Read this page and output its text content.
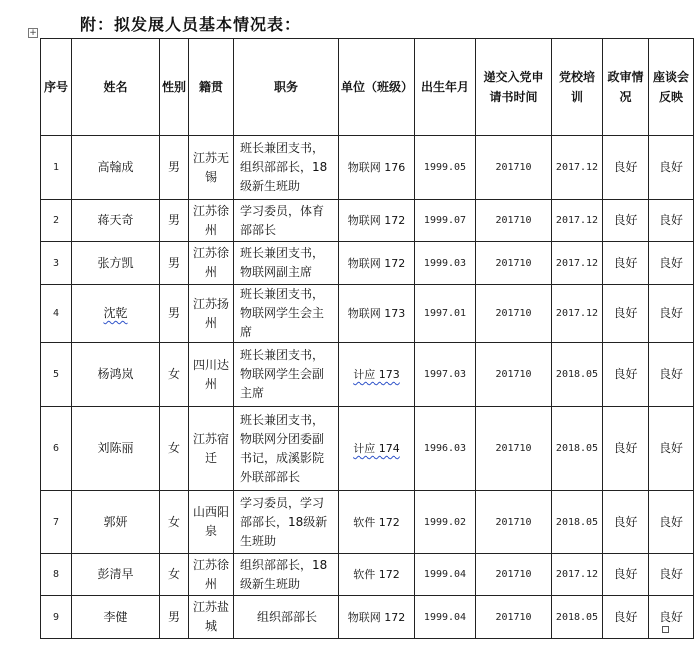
+	附：拟发展人员基本情况表：
序号	姓名	性别	籍贯	职务	单位（班级）	出生年月	递交入党申请书时间	党校培训	政审情况	座谈会反映
1	高翰成	男	江苏无锡	班长兼团支书，组织部部长，18级新生班助	物联网 176	1999.05	201710	2017.12	良好	良好
2	蒋天奇	男	江苏徐州	学习委员，体育部部长	物联网 172	1999.07	201710	2017.12	良好	良好
3	张方凯	男	江苏徐州	班长兼团支书，物联网副主席	物联网 172	1999.03	201710	2017.12	良好	良好
4	沈乾	男	江苏扬州	班长兼团支书，物联网学生会主席	物联网 173	1997.01	201710	2017.12	良好	良好
5	杨鸿岚	女	四川达州	班长兼团支书，物联网学生会副主席	计应 173	1997.03	201710	2018.05	良好	良好
6	刘陈丽	女	江苏宿迁	班长兼团支书，物联网分团委副书记，成溪影院外联部部长	计应 174	1996.03	201710	2018.05	良好	良好
7	郭妍	女	山西阳泉	学习委员，学习部部长，18级新生班助	软件 172	1999.02	201710	2018.05	良好	良好
8	彭清早	女	江苏徐州	组织部部长，18级新生班助	软件 172	1999.04	201710	2017.12	良好	良好
9	李健	男	江苏盐城	组织部部长	物联网 172	1999.04	201710	2018.05	良好	良好
